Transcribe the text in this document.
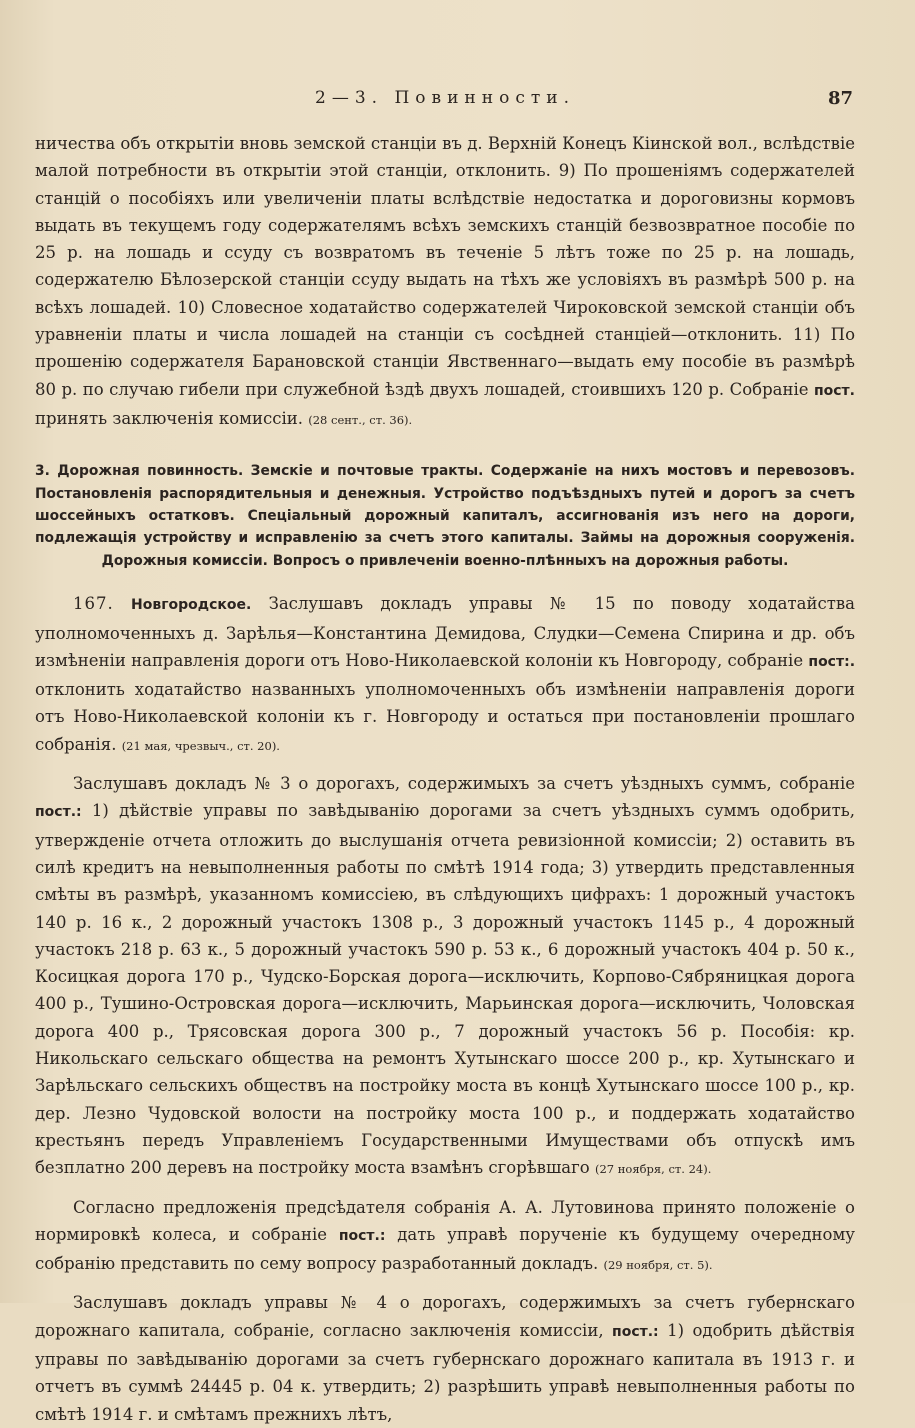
2—3. Повинности.	87

ничества объ открытіи вновь земской станціи въ д. Верхній Конецъ Кіинской вол., вслѣдствіе малой потребности въ открытіи этой станціи, отклонить. 9) По прошеніямъ содержателей станцій о пособіяхъ или увеличеніи платы вслѣдствіе недостатка и дороговизны кормовъ выдать въ текущемъ году содержателямъ всѣхъ земскихъ станцій безвозвратное пособіе по 25 р. на лошадь и ссуду съ возвратомъ въ теченіе 5 лѣтъ тоже по 25 р. на лошадь, содержателю Бѣлозерской станціи ссуду выдать на тѣхъ же условіяхъ въ размѣрѣ 500 р. на всѣхъ лошадей. 10) Словесное ходатайство содержателей Чироковской земской станціи объ уравненіи платы и числа лошадей на станціи съ сосѣдней станціей—отклонить. 11) По прошенію содержателя Барановской станціи Явственнаго—выдать ему пособіе въ размѣрѣ 80 р. по случаю гибели при служебной ѣздѣ двухъ лошадей, стоившихъ 120 р. Собраніе пост. принять заключенія комиссіи. (28 сент., ст. 36).

3. Дорожная повинность. Земскіе и почтовые тракты. Содержаніе на нихъ мостовъ и перевозовъ. Постановленія распорядительныя и денежныя. Устройство подъѣздныхъ путей и дорогъ за счетъ шоссейныхъ остатковъ. Спеціальный дорожный капиталъ, ассигнованія изъ него на дороги, подлежащія устройству и исправленію за счетъ этого капиталы. Займы на дорожныя сооруженія. Дорожныя комиссіи. Вопросъ о привлеченіи военно-плѣнныхъ на дорожныя работы.

167. Новгородское. Заслушавъ докладъ управы № 15 по поводу ходатайства уполномоченныхъ д. Зарѣлья—Константина Демидова, Слудки—Семена Спирина и др. объ измѣненіи направленія дороги отъ Ново-Николаевской колоніи къ Новгороду, собраніе пост:. отклонить ходатайство названныхъ уполномоченныхъ объ измѣненіи направленія дороги отъ Ново-Николаевской колоніи къ г. Новгороду и остаться при постановленіи прошлаго собранія. (21 мая, чрезвыч., ст. 20).

Заслушавъ докладъ № 3 о дорогахъ, содержимыхъ за счетъ уѣздныхъ суммъ, собраніе пост.: 1) дѣйствіе управы по завѣдыванію дорогами за счетъ уѣздныхъ суммъ одобрить, утвержденіе отчета отложить до выслушанія отчета ревизіонной комиссіи; 2) оставить въ силѣ кредитъ на невыполненныя работы по смѣтѣ 1914 года; 3) утвердить представленныя смѣты въ размѣрѣ, указанномъ комиссіею, въ слѣдующихъ цифрахъ: 1 дорожный участокъ 140 р. 16 к., 2 дорожный участокъ 1308 р., 3 дорожный участокъ 1145 р., 4 дорожный участокъ 218 р. 63 к., 5 дорожный участокъ 590 р. 53 к., 6 дорожный участокъ 404 р. 50 к., Косицкая дорога 170 р., Чудско-Борская дорога—исключить, Корпово-Сябряницкая дорога 400 р., Тушино-Островская дорога—исключить, Марьинская дорога—исключить, Чоловская дорога 400 р., Трясовская дорога 300 р., 7 дорожный участокъ 56 р. Пособія: кр. Никольскаго сельскаго общества на ремонтъ Хутынскаго шоссе 200 р., кр. Хутынскаго и Зарѣльскаго сельскихъ обществъ на постройку моста въ концѣ Хутынскаго шоссе 100 р., кр. дер. Лезно Чудовской волости на постройку моста 100 р., и поддержать ходатайство крестьянъ передъ Управленіемъ Государственными Имуществами объ отпускѣ имъ безплатно 200 деревъ на постройку моста взамѣнъ сгорѣвшаго (27 ноября, ст. 24).

Согласно предложенія предсѣдателя собранія А. А. Лутовинова принято положеніе о нормировкѣ колеса, и собраніе пост.: дать управѣ порученіе къ будущему очередному собранію представить по сему вопросу разработанный докладъ. (29 ноября, ст. 5).

Заслушавъ докладъ управы № 4 о дорогахъ, содержимыхъ за счетъ губернскаго дорожнаго капитала, собраніе, согласно заключенія комиссіи, пост.: 1) одобрить дѣйствія управы по завѣдыванію дорогами за счетъ губернскаго дорожнаго капитала въ 1913 г. и отчетъ въ суммѣ 24445 р. 04 к. утвердить; 2) разрѣшить управѣ невыполненныя работы по смѣтѣ 1914 г. и смѣтамъ прежнихъ лѣтъ,
